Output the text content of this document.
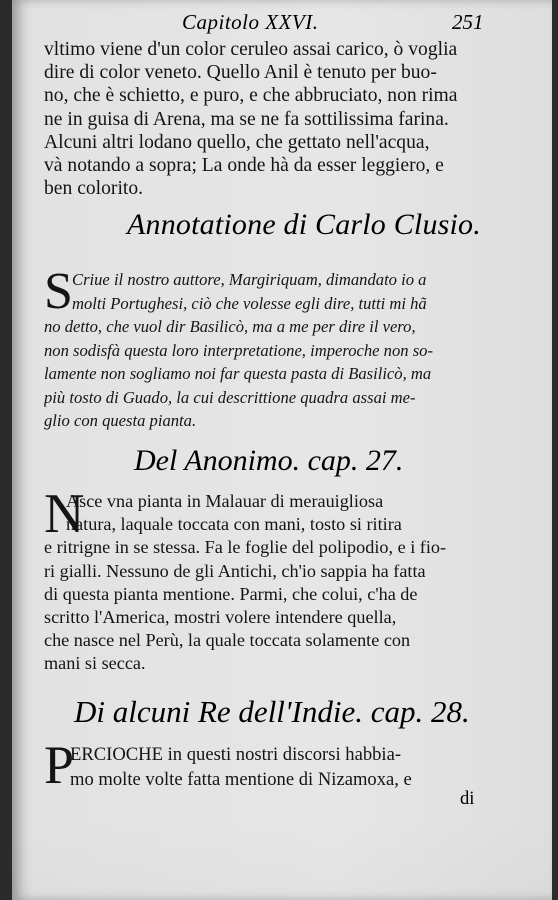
Capitolo XXVI.	251
vltimo viene d'un color ceruleo assai carico, ò voglia
dire di color veneto. Quello Anil è tenuto per buo-
no, che è schietto, e puro, e che abbruciato, non rima
ne in guisa di Arena, ma se ne fa sottilissima farina.
Alcuni altri lodano quello, che gettato nell'acqua,
và notando a sopra; La onde hà da esser leggiero, e
ben colorito.
Annotatione di Carlo Clusio.
S Criue il nostro auttore, Margiriquam, dimandato io a
molti Portughesi, ciò che volesse egli dire, tutti mi hã
no detto, che vuol dir Basilicò, ma a me per dire il vero,
non sodisfà questa loro interpretatione, imperoche non so-
lamente non sogliamo noi far questa pasta di Basilicò, ma
più tosto di Guado, la cui descrittione quadra assai me-
glio con questa pianta.
Del Anonimo. cap. 27.
N
Asce vna pianta in Malauar di merauigliosa
natura, laquale toccata con mani, tosto si ritira
e ritrigne in se stessa. Fa le foglie del polipodio, e i fio-
ri gialli. Nessuno de gli Antichi, ch'io sappia ha fatta
di questa pianta mentione. Parmi, che colui, c'ha de
scritto l'America, mostri volere intendere quella,
che nasce nel Perù, la quale toccata solamente con
mani si secca.
Di alcuni Re dell'Indie. cap. 28.
P
ERCIOCHE in questi nostri discorsi habbia-
mo molte volte fatta mentione di Nizamoxa, e
di
